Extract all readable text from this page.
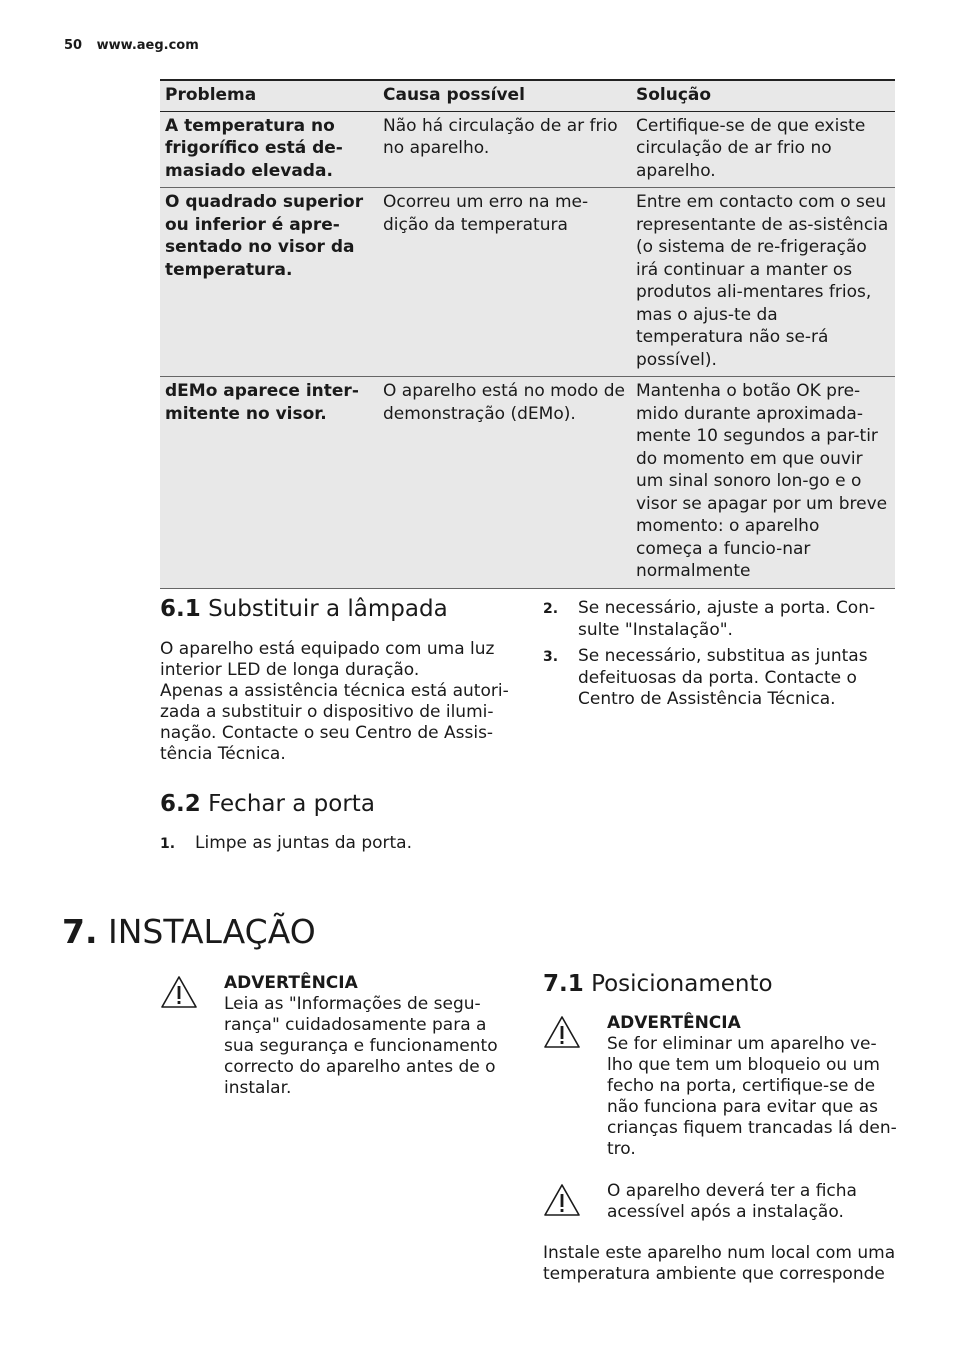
50 www.aeg.com
Problema	Causa possível	Solução
A temperatura no frigorífico está de-masiado elevada.	Não há circulação de ar frio no aparelho.	Certifique-se de que existe circulação de ar frio no aparelho.
O quadrado superior ou inferior é apre-sentado no visor da temperatura.	Ocorreu um erro na me-dição da temperatura	Entre em contacto com o seu representante de as-sistência (o sistema de re-frigeração irá continuar a manter os produtos ali-mentares frios, mas o ajus-te da temperatura não se-rá possível).
dEMo aparece inter-mitente no visor.	O aparelho está no modo de demonstração (dEMo).	Mantenha o botão OK pre-mido durante aproximada-mente 10 segundos a par-tir do momento em que ouvir um sinal sonoro lon-go e o visor se apagar por um breve momento: o aparelho começa a funcio-nar normalmente
6.1 Substituir a lâmpada
O aparelho está equipado com uma luz interior LED de longa duração.
Apenas a assistência técnica está autori-zada a substituir o dispositivo de ilumi-nação. Contacte o seu Centro de Assis-tência Técnica.
6.2 Fechar a porta
1. Limpe as juntas da porta.
2. Se necessário, ajuste a porta. Con-sulte "Instalação".
3. Se necessário, substitua as juntas defeituosas da porta. Contacte o Centro de Assistência Técnica.
7. INSTALAÇÃO
ADVERTÊNCIA
Leia as "Informações de segu-rança" cuidadosamente para a sua segurança e funcionamento correcto do aparelho antes de o instalar.
7.1 Posicionamento
ADVERTÊNCIA
Se for eliminar um aparelho ve-lho que tem um bloqueio ou um fecho na porta, certifique-se de não funciona para evitar que as crianças fiquem trancadas lá den-tro.
O aparelho deverá ter a ficha acessível após a instalação.
Instale este aparelho num local com uma temperatura ambiente que corresponde
